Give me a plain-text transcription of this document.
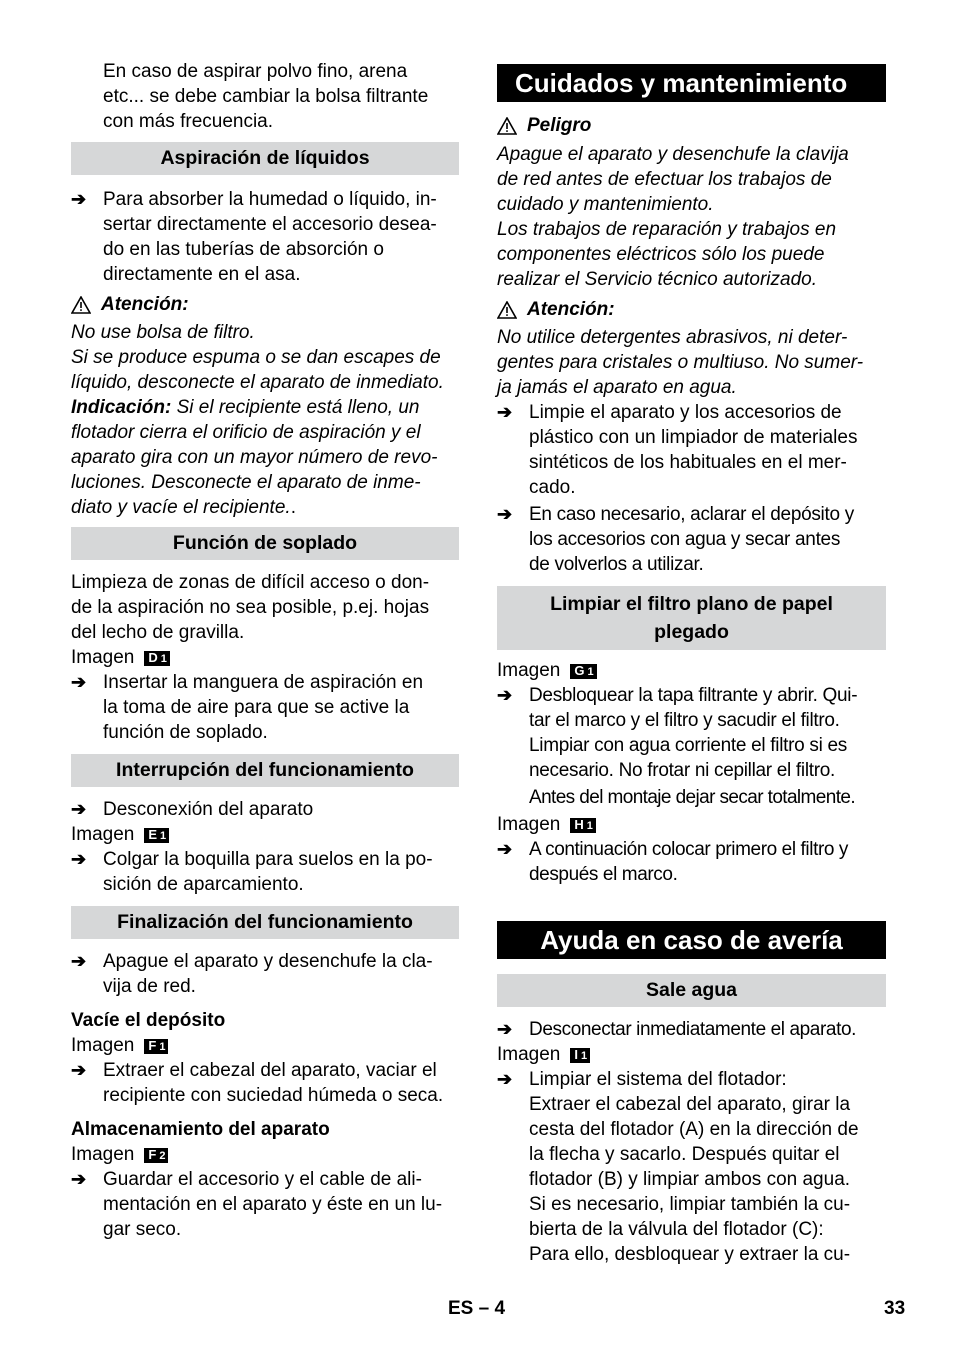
En caso de aspirar polvo fino, arena

etc... se debe cambiar la bolsa filtrante

con más frecuencia.

Aspiración de líquidos
➔ Para absorber la humedad o líquido, in-

sertar directamente el accesorio desea-

do en las tuberías de absorción o

directamente en el asa.

Atención:

No use bolsa de filtro.

Si se produce espuma o se dan escapes de

líquido, desconecte el aparato de inmediato.

Indicación: Si el recipiente está lleno, un

flotador cierra el orificio de aspiración y el

aparato gira con un mayor número de revo-

luciones. Desconecte el aparato de inme-

diato y vacíe el recipiente..

Función de soplado

Limpieza de zonas de difícil acceso o don-

de la aspiración no sea posible, p.ej. hojas

del lecho de gravilla.

Imagen D1

➔ Insertar la manguera de aspiración en

la toma de aire para que se active la

función de soplado.

Interrupción del funcionamiento
➔ Desconexión del aparato

Imagen E1

➔ Colgar la boquilla para suelos en la po-

sición de aparcamiento.

Finalización del funcionamiento
➔ Apague el aparato y desenchufe la cla-

vija de red.

Vacíe el depósito

Imagen F1

➔ Extraer el cabezal del aparato, vaciar el

recipiente con suciedad húmeda o seca.

Almacenamiento del aparato

Imagen F2

➔ Guardar el accesorio y el cable de ali-

mentación en el aparato y éste en un lu-

gar seco.

Cuidados y mantenimiento
Peligro

Apague el aparato y desenchufe la clavija

de red antes de efectuar los trabajos de

cuidado y mantenimiento.

Los trabajos de reparación y trabajos en

componentes eléctricos sólo los puede

realizar el Servicio técnico autorizado.

Atención:

No utilice detergentes abrasivos, ni deter-

gentes para cristales o multiuso. No sumer-

ja jamás el aparato en agua.

➔ Limpie el aparato y los accesorios de

plástico con un limpiador de materiales

sintéticos de los habituales en el mer-

cado.

➔ En caso necesario, aclarar el depósito y

los accesorios con agua y secar antes

de volverlos a utilizar.

Limpiar el filtro plano de papel
plegado

Imagen G1

➔ Desbloquear la tapa filtrante y abrir. Qui-

tar el marco y el filtro y sacudir el filtro.

Limpiar con agua corriente el filtro si es

necesario. No frotar ni cepillar el filtro.

Antes del montaje dejar secar totalmente.

Imagen H1

➔ A continuación colocar primero el filtro y

después el marco.

Ayuda en caso de avería
Sale agua
➔ Desconectar inmediatamente el aparato.

Imagen I1

➔ Limpiar el sistema del flotador:

Extraer el cabezal del aparato, girar la

cesta del flotador (A) en la dirección de

la flecha y sacarlo. Después quitar el

flotador (B) y limpiar ambos con agua.

Si es necesario, limpiar también la cu-

bierta de la válvula del flotador (C):

Para ello, desbloquear y extraer la cu-

ES – 4	33
